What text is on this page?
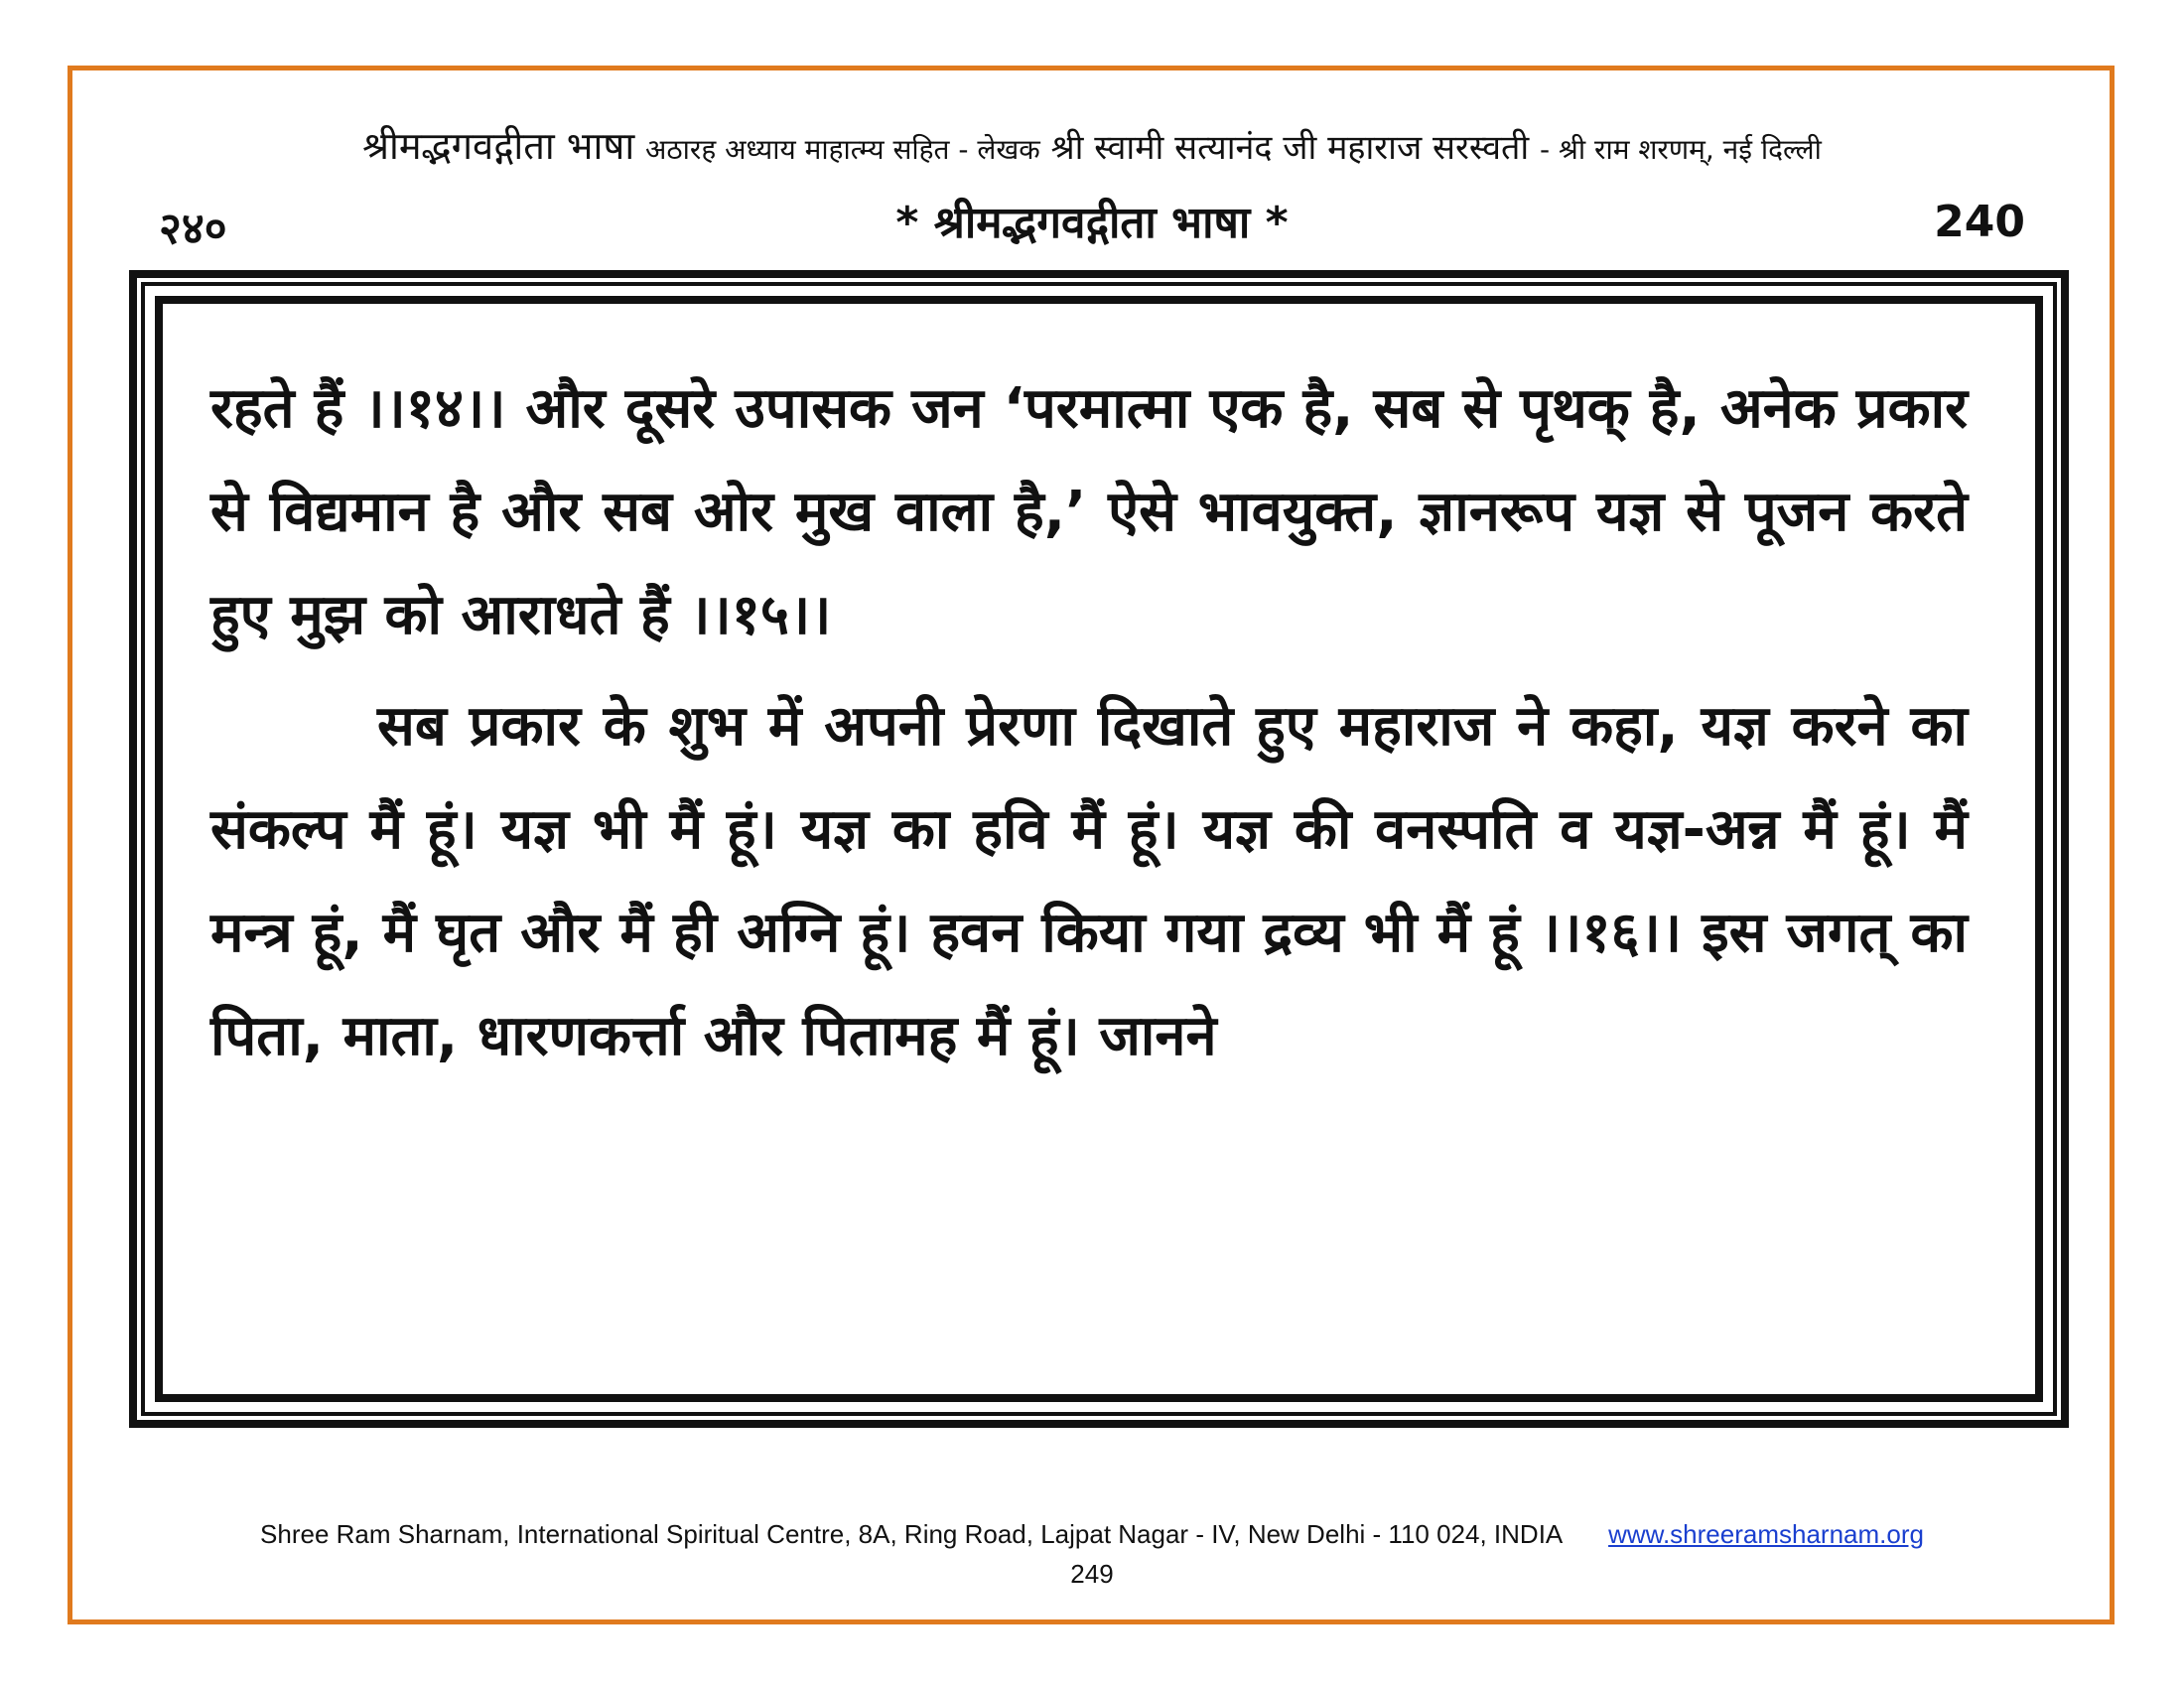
श्रीमद्भगवद्गीता भाषा अठारह अध्याय माहात्म्य सहित - लेखक श्री स्वामी सत्यानंद जी महाराज सरस्वती - श्री राम शरणम्, नई दिल्ली
२४०	* श्रीमद्भगवद्गीता भाषा *	240

रहते हैं ।।१४।। और दूसरे उपासक जन ‘परमात्मा एक है, सब से पृथक् है, अनेक प्रकार से विद्यमान है और सब ओर मुख वाला है,’ ऐसे भावयुक्त, ज्ञानरूप यज्ञ से पूजन करते हुए मुझ को आराधते हैं ।।१५।।

सब प्रकार के शुभ में अपनी प्रेरणा दिखाते हुए महाराज ने कहा, यज्ञ करने का संकल्प मैं हूं। यज्ञ भी मैं हूं। यज्ञ का हवि मैं हूं। यज्ञ की वनस्पति व यज्ञ-अन्न मैं हूं। मैं मन्त्र हूं, मैं घृत और मैं ही अग्नि हूं। हवन किया गया द्रव्य भी मैं हूं ।।१६।। इस जगत् का पिता, माता, धारणकर्त्ता और पितामह मैं हूं। जानने

Shree Ram Sharnam, International Spiritual Centre, 8A, Ring Road, Lajpat Nagar - IV, New Delhi - 110 024, INDIA www.shreeramsharnam.org
249
